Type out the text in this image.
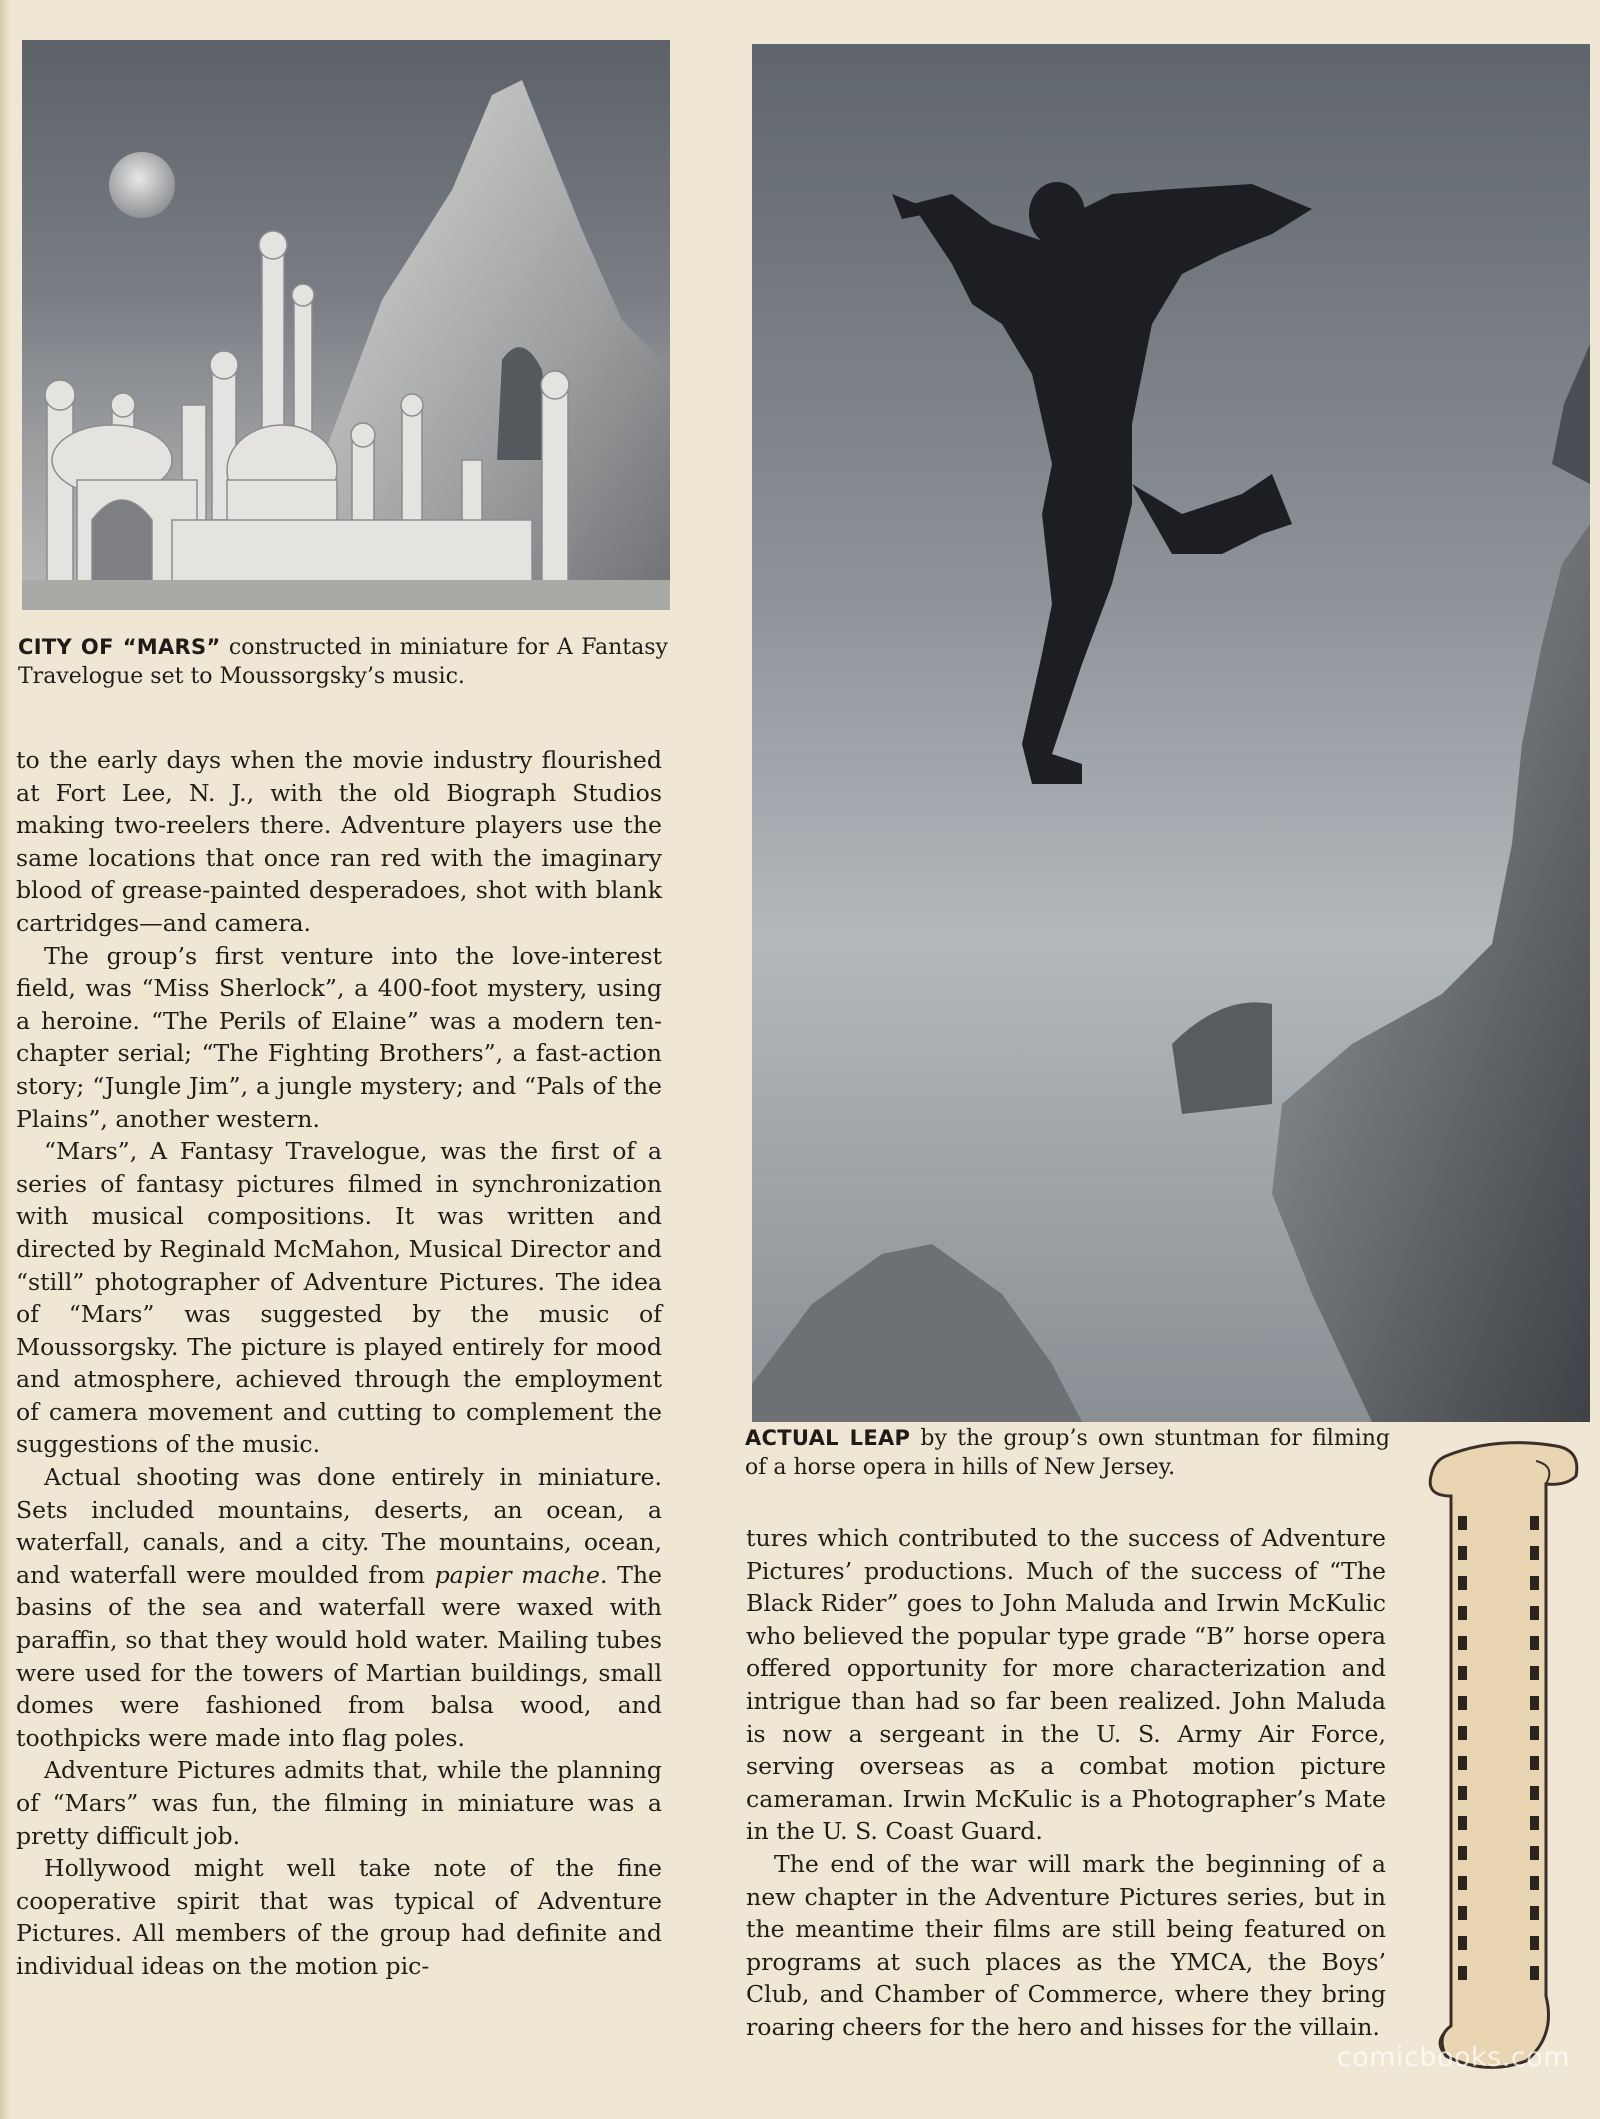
CITY OF “MARS” constructed in miniature for A Fantasy Travelogue set to Moussorgsky’s music.
ACTUAL LEAP by the group’s own stuntman for filming of a horse opera in hills of New Jersey.

to the early days when the movie industry flourished at Fort Lee, N. J., with the old Biograph Studios making two-reelers there. Adventure players use the same locations that once ran red with the imaginary blood of grease-painted desperadoes, shot with blank cartridges—and camera.

The group’s first venture into the love-interest field, was “Miss Sherlock”, a 400-foot mystery, using a heroine. “The Perils of Elaine” was a modern ten-chapter serial; “The Fighting Brothers”, a fast-action story; “Jungle Jim”, a jungle mystery; and “Pals of the Plains”, another western.

“Mars”, A Fantasy Travelogue, was the first of a series of fantasy pictures filmed in synchronization with musical compositions. It was written and directed by Reginald McMahon, Musical Director and “still” photographer of Adventure Pictures. The idea of “Mars” was suggested by the music of Moussorgsky. The picture is played entirely for mood and atmosphere, achieved through the employment of camera movement and cutting to complement the suggestions of the music.

Actual shooting was done entirely in miniature. Sets included mountains, deserts, an ocean, a waterfall, canals, and a city. The mountains, ocean, and waterfall were moulded from papier mache. The basins of the sea and waterfall were waxed with paraffin, so that they would hold water. Mailing tubes were used for the towers of Martian buildings, small domes were fashioned from balsa wood, and toothpicks were made into flag poles.

Adventure Pictures admits that, while the planning of “Mars” was fun, the filming in miniature was a pretty difficult job.

Hollywood might well take note of the fine cooperative spirit that was typical of Adventure Pictures. All members of the group had definite and individual ideas on the motion pic-

tures which contributed to the success of Adventure Pictures’ productions. Much of the success of “The Black Rider” goes to John Maluda and Irwin McKulic who believed the popular type grade “B” horse opera offered opportunity for more characterization and intrigue than had so far been realized. John Maluda is now a sergeant in the U. S. Army Air Force, serving overseas as a combat motion picture cameraman. Irwin McKulic is a Photographer’s Mate in the U. S. Coast Guard.

The end of the war will mark the beginning of a new chapter in the Adventure Pictures series, but in the meantime their films are still being featured on programs at such places as the YMCA, the Boys’ Club, and Chamber of Commerce, where they bring roaring cheers for the hero and hisses for the villain.

comicbooks.com
